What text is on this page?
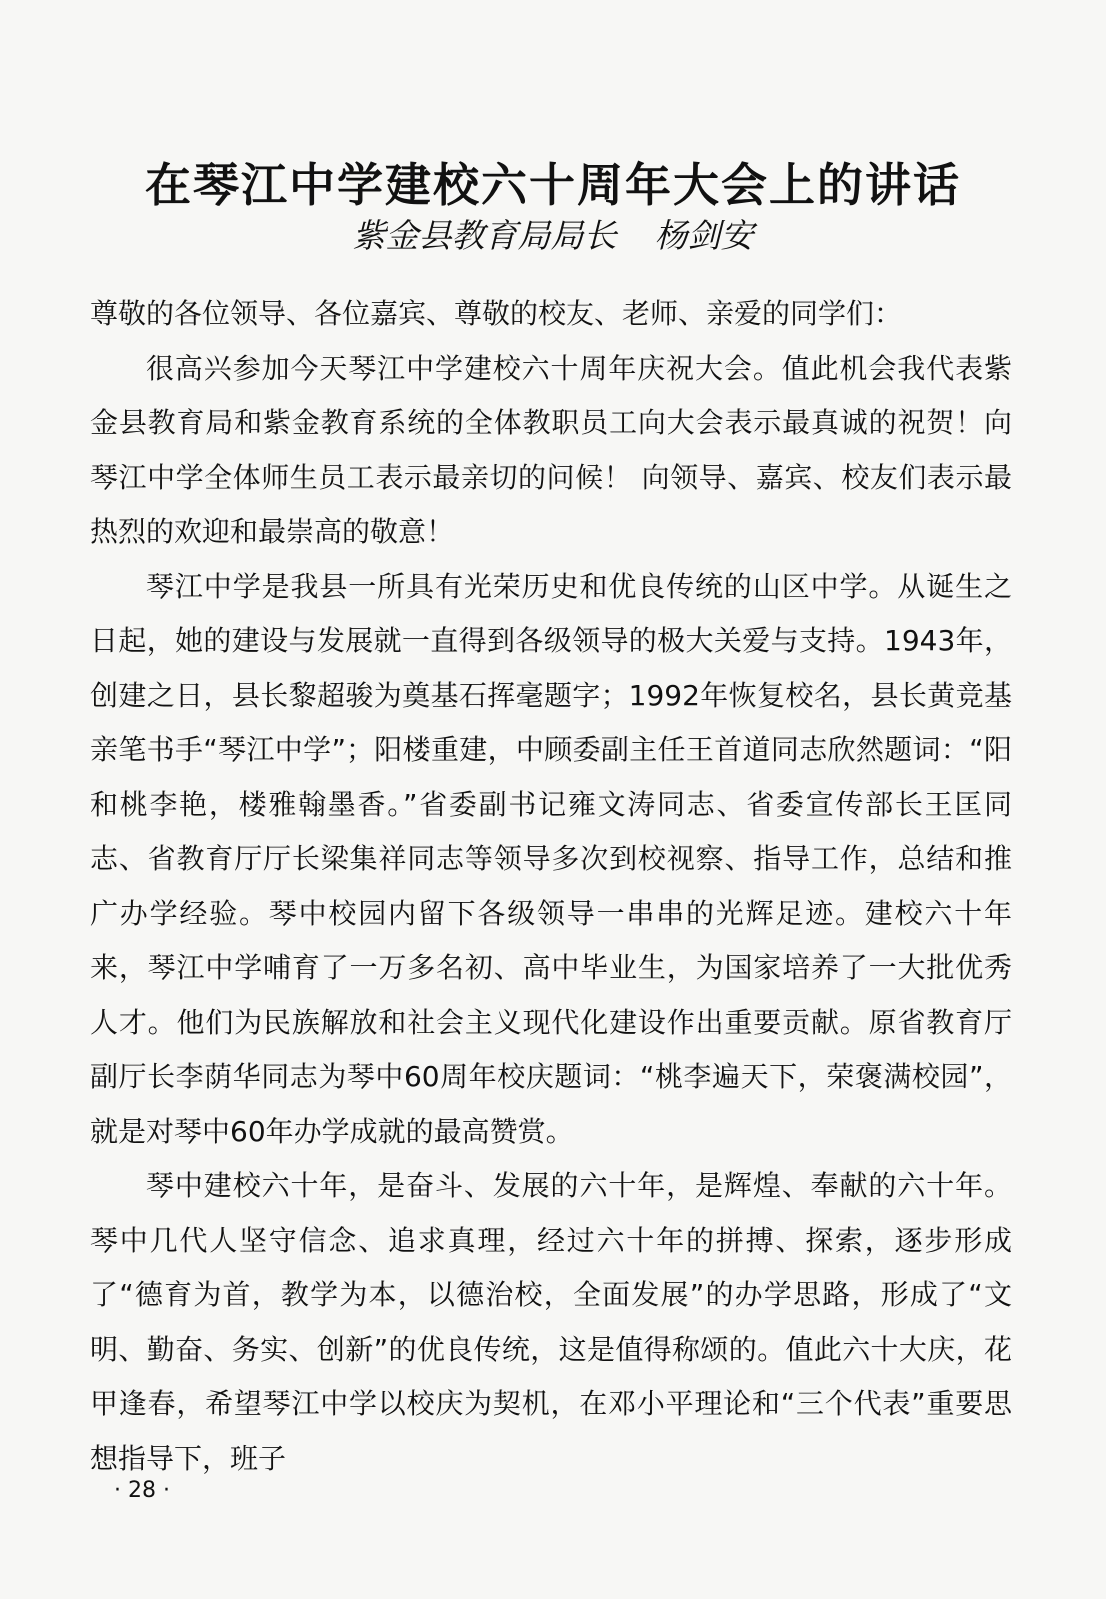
在琴江中学建校六十周年大会上的讲话
紫金县教育局局长 杨剑安

尊敬的各位领导、各位嘉宾、尊敬的校友、老师、亲爱的同学们：

很高兴参加今天琴江中学建校六十周年庆祝大会。值此机会我代表紫金县教育局和紫金教育系统的全体教职员工向大会表示最真诚的祝贺！向琴江中学全体师生员工表示最亲切的问候！ 向领导、嘉宾、校友们表示最热烈的欢迎和最崇高的敬意！

琴江中学是我县一所具有光荣历史和优良传统的山区中学。从诞生之日起，她的建设与发展就一直得到各级领导的极大关爱与支持。1943年，创建之日，县长黎超骏为奠基石挥毫题字；1992年恢复校名，县长黄竞基亲笔书手“琴江中学”；阳楼重建，中顾委副主任王首道同志欣然题词：“阳和桃李艳，楼雅翰墨香。”省委副书记雍文涛同志、省委宣传部长王匡同志、省教育厅厅长梁集祥同志等领导多次到校视察、指导工作，总结和推广办学经验。琴中校园内留下各级领导一串串的光辉足迹。建校六十年来，琴江中学哺育了一万多名初、高中毕业生，为国家培养了一大批优秀人才。他们为民族解放和社会主义现代化建设作出重要贡献。原省教育厅副厅长李荫华同志为琴中60周年校庆题词：“桃李遍天下，荣褒满校园”，就是对琴中60年办学成就的最高赞赏。

琴中建校六十年，是奋斗、发展的六十年，是辉煌、奉献的六十年。琴中几代人坚守信念、追求真理，经过六十年的拼搏、探索，逐步形成了“德育为首，教学为本，以德治校，全面发展”的办学思路，形成了“文明、勤奋、务实、创新”的优良传统，这是值得称颂的。值此六十大庆，花甲逢春，希望琴江中学以校庆为契机，在邓小平理论和“三个代表”重要思想指导下，班子

· 28 ·
